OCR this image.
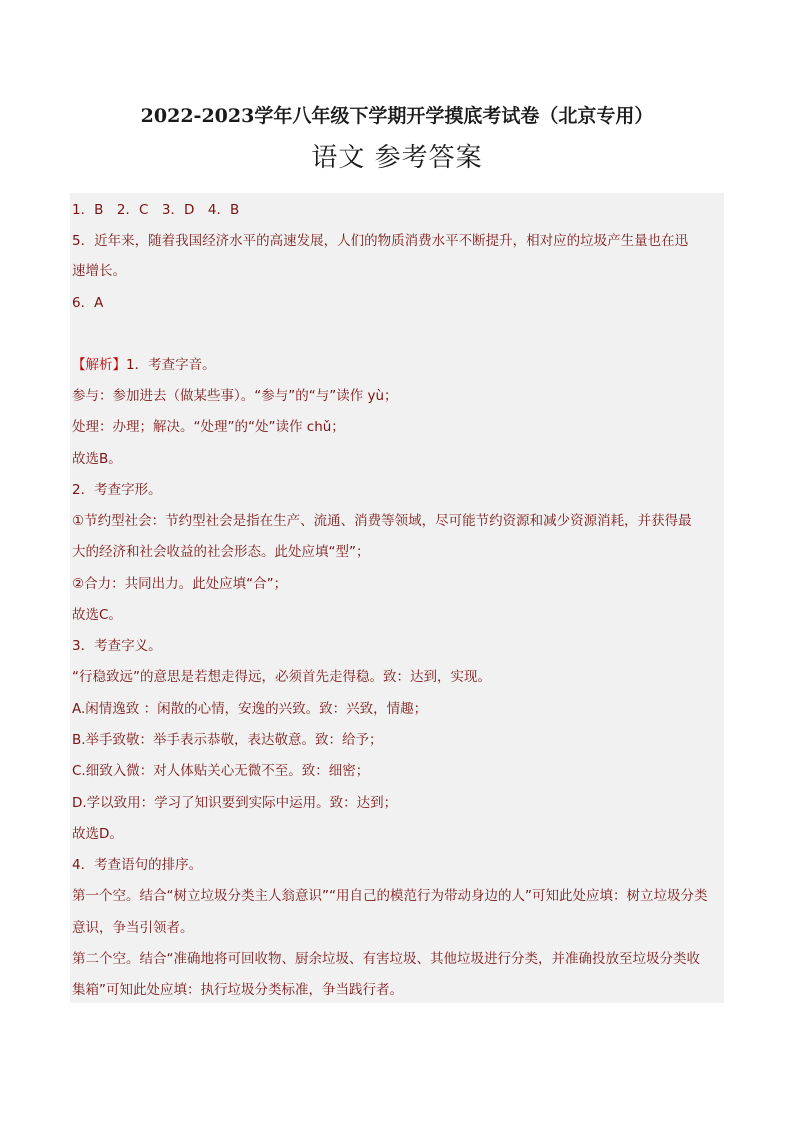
2022-2023学年八年级下学期开学摸底考试卷（北京专用）
语文 参考答案
1．B　2．C　3．D　4．B
5．近年来，随着我国经济水平的高速发展，人们的物质消费水平不断提升，相对应的垃圾产生量也在迅
速增长。
6．A
【解析】1．考查字音。
参与：参加进去（做某些事）。“参与”的“与”读作 yù；
处理：办理；解决。“处理”的“处”读作 chǔ；
故选B。
2．考查字形。
①节约型社会：节约型社会是指在生产、流通、消费等领域，尽可能节约资源和减少资源消耗，并获得最
大的经济和社会收益的社会形态。此处应填“型”；
②合力：共同出力。此处应填“合”；
故选C。
3．考查字义。
“行稳致远”的意思是若想走得远，必须首先走得稳。致：达到，实现。
A.闲情逸致 ：闲散的心情，安逸的兴致。致：兴致，情趣；
B.举手致敬：举手表示恭敬，表达敬意。致：给予；
C.细致入微：对人体贴关心无微不至。致：细密；
D.学以致用：学习了知识要到实际中运用。致：达到；
故选D。
4．考查语句的排序。
第一个空。结合“树立垃圾分类主人翁意识”“用自己的模范行为带动身边的人”可知此处应填：树立垃圾分类
意识，争当引领者。
第二个空。结合“准确地将可回收物、厨余垃圾、有害垃圾、其他垃圾进行分类，并准确投放至垃圾分类收
集箱”可知此处应填：执行垃圾分类标准，争当践行者。
